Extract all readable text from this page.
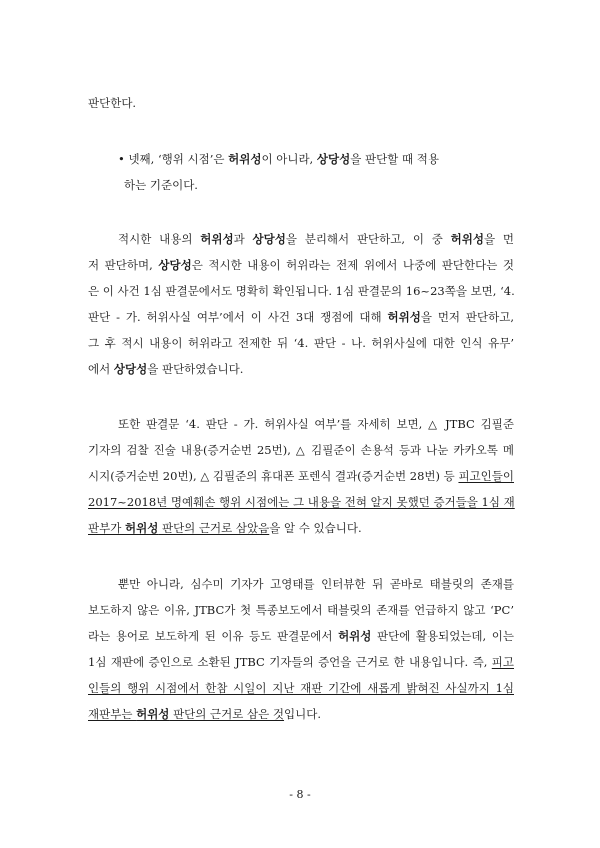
판단한다.
• 넷째, ‘행위 시점’은 허위성이 아니라, 상당성을 판단할 때 적용
하는 기준이다.
적시한 내용의 허위성과 상당성을 분리해서 판단하고, 이 중 허위성을 먼
저 판단하며, 상당성은 적시한 내용이 허위라는 전제 위에서 나중에 판단한다는 것
은 이 사건 1심 판결문에서도 명확히 확인됩니다. 1심 판결문의 16~23쪽을 보면, ‘4.
판단 - 가. 허위사실 여부’에서 이 사건 3대 쟁점에 대해 허위성을 먼저 판단하고,
그 후 적시 내용이 허위라고 전제한 뒤 ‘4. 판단 - 나. 허위사실에 대한 인식 유무’
에서 상당성을 판단하였습니다.
또한 판결문 ‘4. 판단 - 가. 허위사실 여부’를 자세히 보면, △ JTBC 김필준
기자의 검찰 진술 내용(증거순번 25번), △ 김필준이 손용석 등과 나눈 카카오톡 메
시지(증거순번 20번), △ 김필준의 휴대폰 포렌식 결과(증거순번 28번) 등 피고인들이
2017~2018년 명예훼손 행위 시점에는 그 내용을 전혀 알지 못했던 증거들을 1심 재
판부가 허위성 판단의 근거로 삼았음을 알 수 있습니다.
뿐만 아니라, 심수미 기자가 고영태를 인터뷰한 뒤 곧바로 태블릿의 존재를
보도하지 않은 이유, JTBC가 첫 특종보도에서 태블릿의 존재를 언급하지 않고 ‘PC’
라는 용어로 보도하게 된 이유 등도 판결문에서 허위성 판단에 활용되었는데, 이는
1심 재판에 증인으로 소환된 JTBC 기자들의 증언을 근거로 한 내용입니다. 즉, 피고
인들의 행위 시점에서 한참 시일이 지난 재판 기간에 새롭게 밝혀진 사실까지 1심
재판부는 허위성 판단의 근거로 삼은 것입니다.
- 8 -
